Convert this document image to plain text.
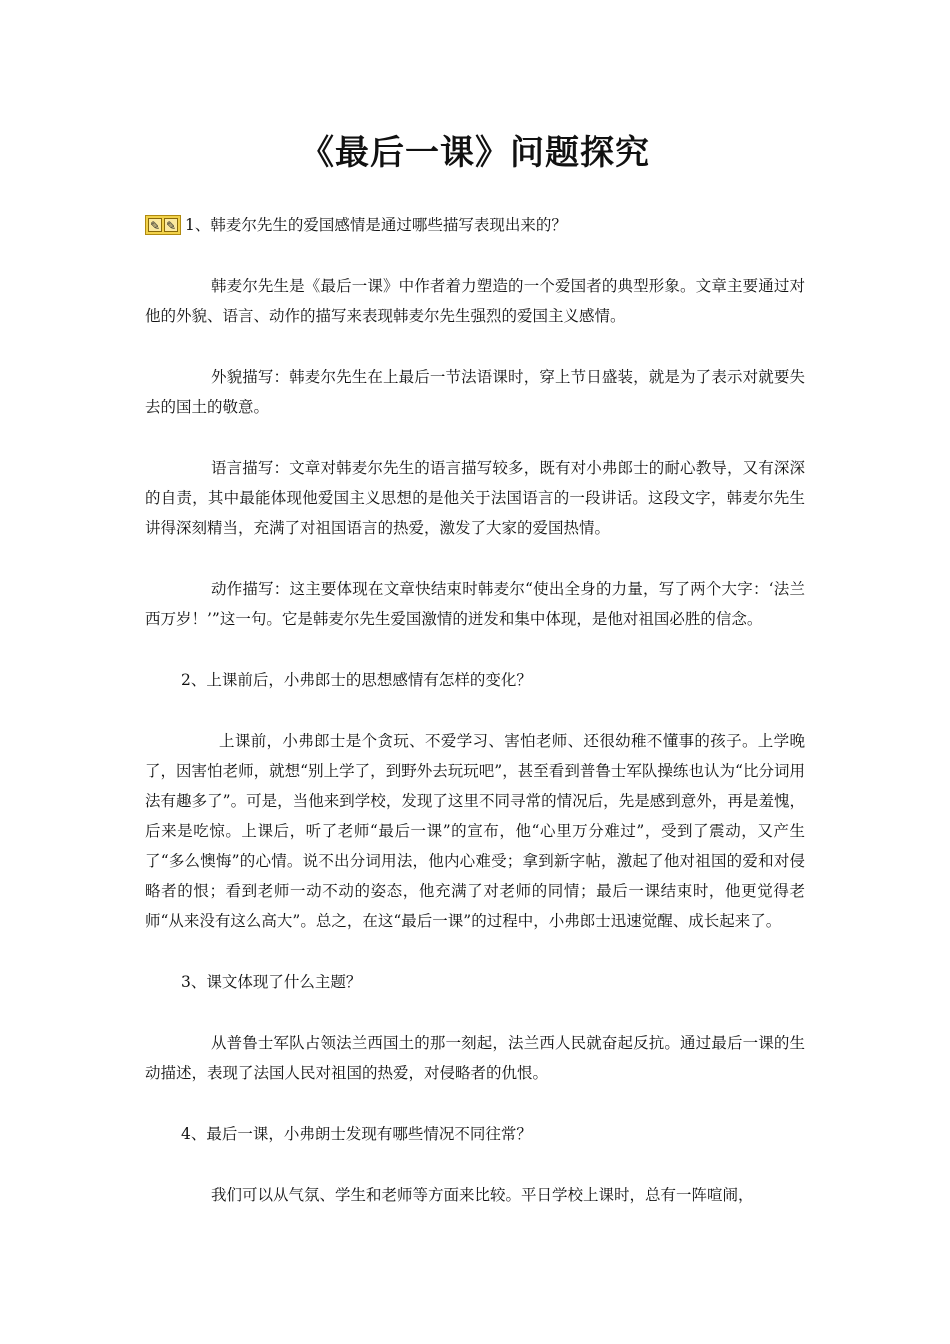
《最后一课》问题探究

✎ ✎ 1、韩麦尔先生的爱国感情是通过哪些描写表现出来的？

韩麦尔先生是《最后一课》中作者着力塑造的一个爱国者的典型形象。文章主要通过对他的外貌、语言、动作的描写来表现韩麦尔先生强烈的爱国主义感情。

外貌描写：韩麦尔先生在上最后一节法语课时，穿上节日盛装，就是为了表示对就要失去的国土的敬意。

语言描写：文章对韩麦尔先生的语言描写较多，既有对小弗郎士的耐心教导，又有深深的自责，其中最能体现他爱国主义思想的是他关于法国语言的一段讲话。这段文字，韩麦尔先生讲得深刻精当，充满了对祖国语言的热爱，激发了大家的爱国热情。

动作描写：这主要体现在文章快结束时韩麦尔“使出全身的力量，写了两个大字：‘法兰西万岁！’”这一句。它是韩麦尔先生爱国激情的迸发和集中体现，是他对祖国必胜的信念。

2、上课前后，小弗郎士的思想感情有怎样的变化？

上课前，小弗郎士是个贪玩、不爱学习、害怕老师、还很幼稚不懂事的孩子。上学晚了，因害怕老师，就想“别上学了，到野外去玩玩吧”，甚至看到普鲁士军队操练也认为“比分词用法有趣多了”。可是，当他来到学校，发现了这里不同寻常的情况后，先是感到意外，再是羞愧，后来是吃惊。上课后，听了老师“最后一课”的宣布，他“心里万分难过”，受到了震动，又产生了“多么懊悔”的心情。说不出分词用法，他内心难受；拿到新字帖，激起了他对祖国的爱和对侵略者的恨；看到老师一动不动的姿态，他充满了对老师的同情；最后一课结束时，他更觉得老师“从来没有这么高大”。总之，在这“最后一课”的过程中，小弗郎士迅速觉醒、成长起来了。

3、课文体现了什么主题？

从普鲁士军队占领法兰西国土的那一刻起，法兰西人民就奋起反抗。通过最后一课的生动描述，表现了法国人民对祖国的热爱，对侵略者的仇恨。

4、最后一课，小弗朗士发现有哪些情况不同往常？

我们可以从气氛、学生和老师等方面来比较。平日学校上课时，总有一阵喧闹，
